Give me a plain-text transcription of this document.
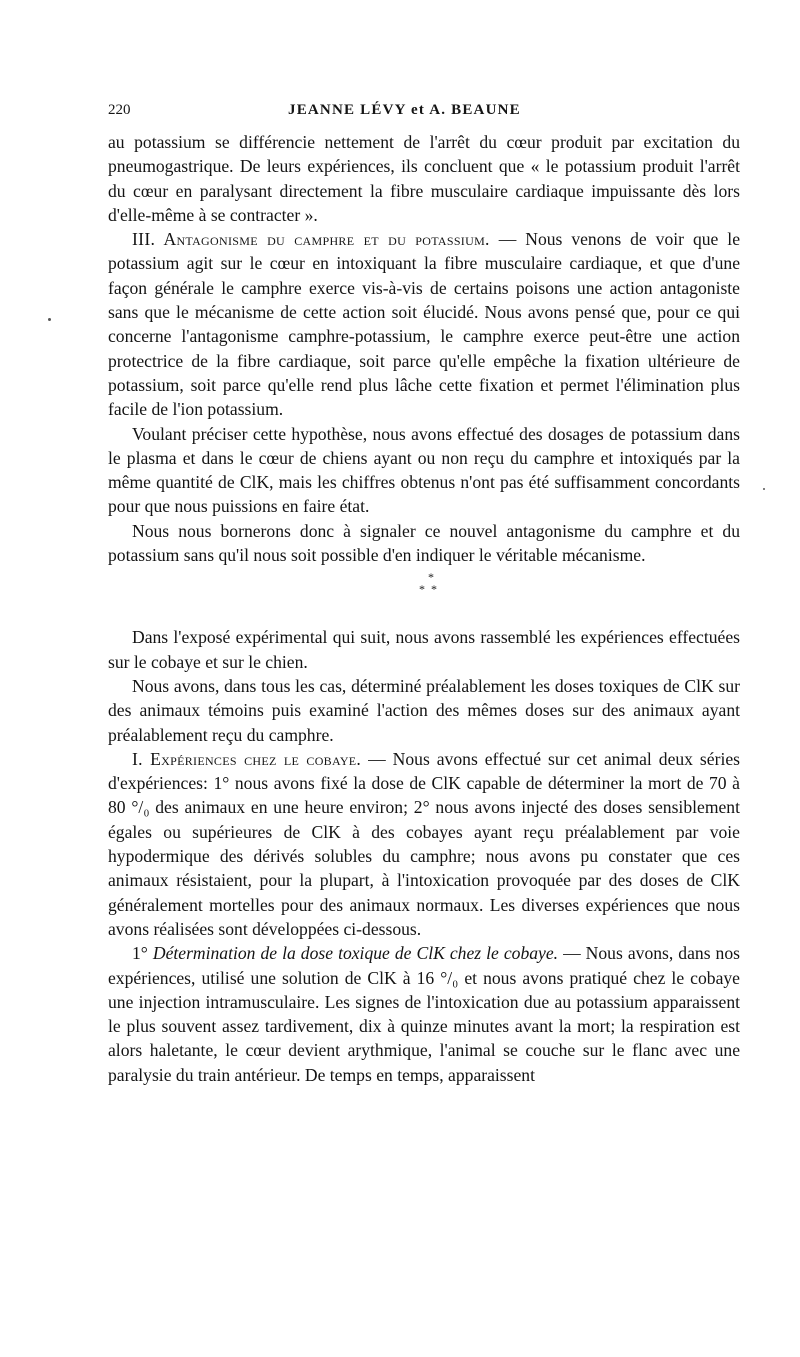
220	JEANNE LÉVY et A. BEAUNE

au potassium se différencie nettement de l'arrêt du cœur produit par excitation du pneumogastrique. De leurs expériences, ils concluent que « le potassium produit l'arrêt du cœur en paralysant directement la fibre musculaire cardiaque impuissante dès lors d'elle-même à se contracter ».

III. Antagonisme du camphre et du potassium. — Nous venons de voir que le potassium agit sur le cœur en intoxiquant la fibre musculaire cardiaque, et que d'une façon générale le camphre exerce vis-à-vis de certains poisons une action antagoniste sans que le mécanisme de cette action soit élucidé. Nous avons pensé que, pour ce qui concerne l'antagonisme camphre-potassium, le camphre exerce peut-être une action protectrice de la fibre cardiaque, soit parce qu'elle empêche la fixation ultérieure de potassium, soit parce qu'elle rend plus lâche cette fixation et permet l'élimination plus facile de l'ion potassium.

Voulant préciser cette hypothèse, nous avons effectué des dosages de potassium dans le plasma et dans le cœur de chiens ayant ou non reçu du camphre et intoxiqués par la même quantité de ClK, mais les chiffres obtenus n'ont pas été suffisamment concordants pour que nous puissions en faire état.

Nous nous bornerons donc à signaler ce nouvel antagonisme du camphre et du potassium sans qu'il nous soit possible d'en indiquer le véritable mécanisme.

*
**

Dans l'exposé expérimental qui suit, nous avons rassemblé les expériences effectuées sur le cobaye et sur le chien.

Nous avons, dans tous les cas, déterminé préalablement les doses toxiques de ClK sur des animaux témoins puis examiné l'action des mêmes doses sur des animaux ayant préalablement reçu du camphre.

I. Expériences chez le cobaye. — Nous avons effectué sur cet animal deux séries d'expériences: 1° nous avons fixé la dose de ClK capable de déterminer la mort de 70 à 80 °/₀ des animaux en une heure environ; 2° nous avons injecté des doses sensiblement égales ou supérieures de ClK à des cobayes ayant reçu préalablement par voie hypodermique des dérivés solubles du camphre; nous avons pu constater que ces animaux résistaient, pour la plupart, à l'intoxication provoquée par des doses de ClK généralement mortelles pour des animaux normaux. Les diverses expériences que nous avons réalisées sont développées ci-dessous.

1° Détermination de la dose toxique de ClK chez le cobaye. — Nous avons, dans nos expériences, utilisé une solution de ClK à 16 °/₀ et nous avons pratiqué chez le cobaye une injection intramusculaire. Les signes de l'intoxication due au potassium apparaissent le plus souvent assez tardivement, dix à quinze minutes avant la mort; la respiration est alors haletante, le cœur devient arythmique, l'animal se couche sur le flanc avec une paralysie du train antérieur. De temps en temps, apparaissent
